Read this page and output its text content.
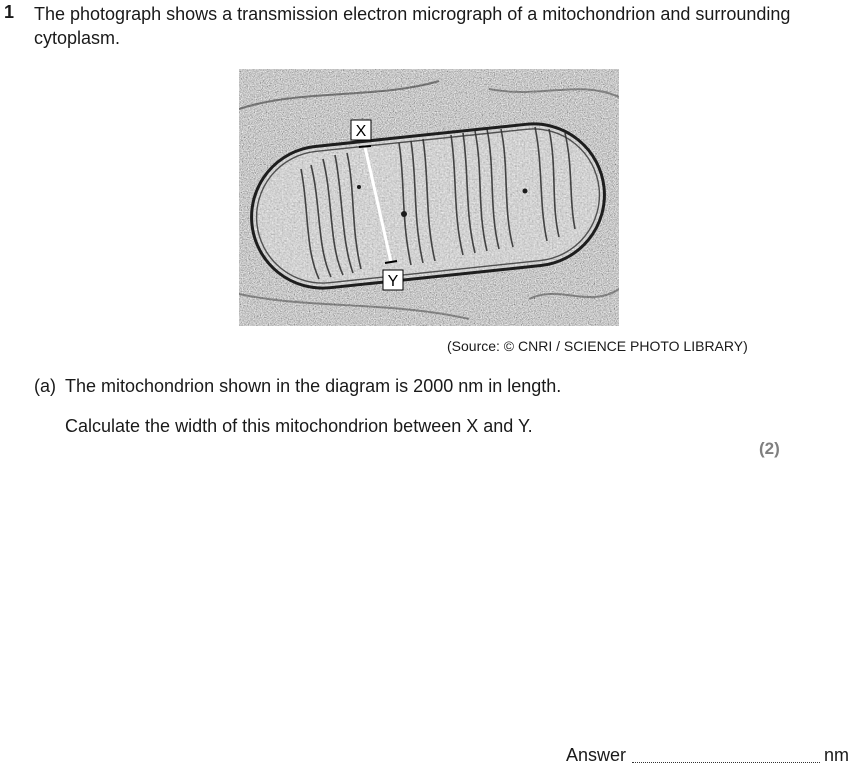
1 The photograph shows a transmission electron micrograph of a mitochondrion and surrounding cytoplasm.
X
Y
(Source: © CNRI / SCIENCE PHOTO LIBRARY)
(a) The mitochondrion shown in the diagram is 2000 nm in length.
Calculate the width of this mitochondrion between X and Y.
(2)
Answer	nm
